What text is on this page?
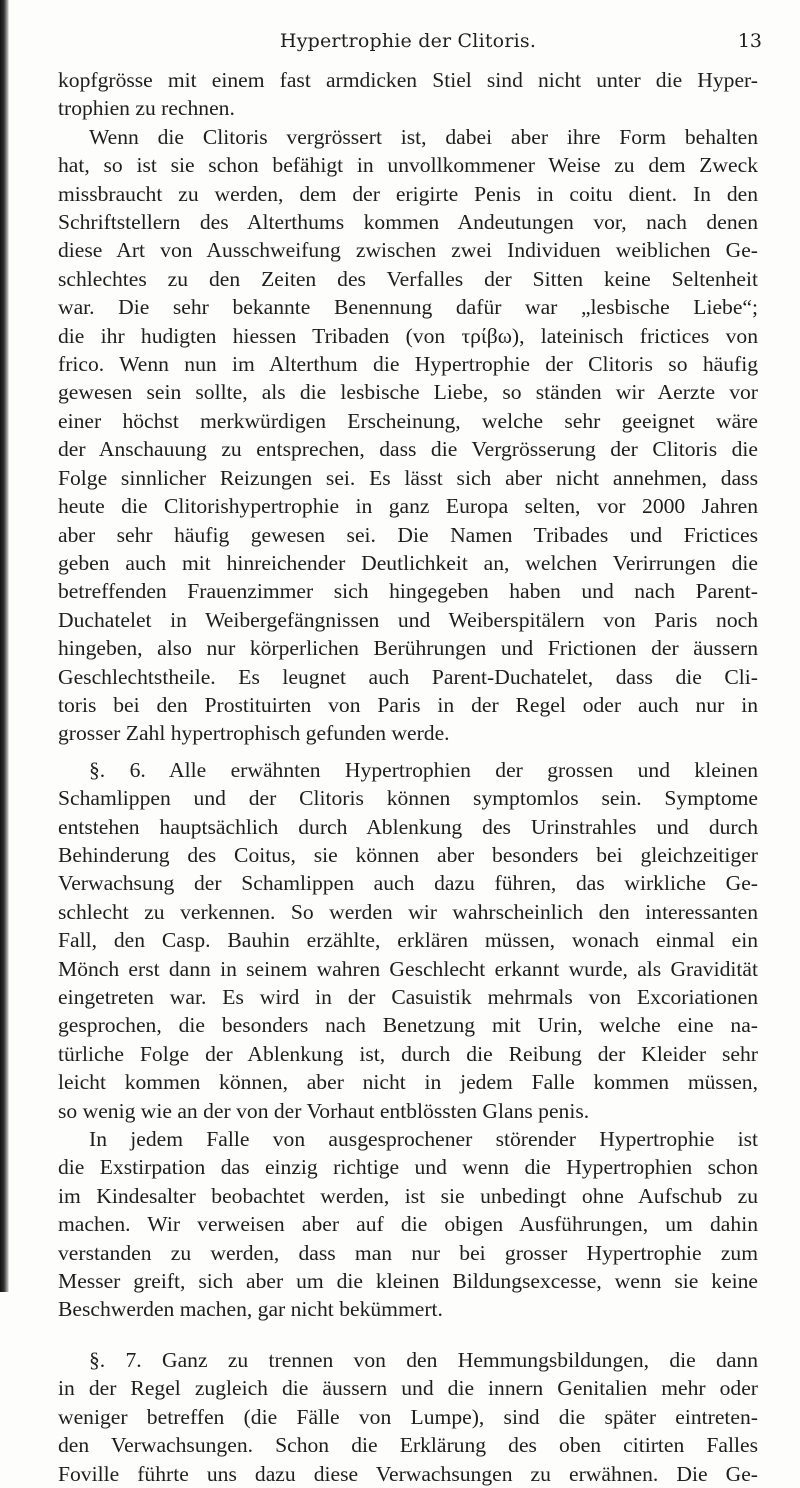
Hypertrophie der Clitoris.	13

kopfgrösse mit einem fast armdicken Stiel sind nicht unter die Hyper-
trophien zu rechnen.

Wenn die Clitoris vergrössert ist, dabei aber ihre Form behalten
hat, so ist sie schon befähigt in unvollkommener Weise zu dem Zweck
missbraucht zu werden, dem der erigirte Penis in coitu dient. In den
Schriftstellern des Alterthums kommen Andeutungen vor, nach denen
diese Art von Ausschweifung zwischen zwei Individuen weiblichen Ge-
schlechtes zu den Zeiten des Verfalles der Sitten keine Seltenheit
war. Die sehr bekannte Benennung dafür war „lesbische Liebe“;
die ihr hudigten hiessen Tribaden (von τρίβω), lateinisch frictices von
frico. Wenn nun im Alterthum die Hypertrophie der Clitoris so häufig
gewesen sein sollte, als die lesbische Liebe, so ständen wir Aerzte vor
einer höchst merkwürdigen Erscheinung, welche sehr geeignet wäre
der Anschauung zu entsprechen, dass die Vergrösserung der Clitoris die
Folge sinnlicher Reizungen sei. Es lässt sich aber nicht annehmen, dass
heute die Clitorishypertrophie in ganz Europa selten, vor 2000 Jahren
aber sehr häufig gewesen sei. Die Namen Tribades und Frictices
geben auch mit hinreichender Deutlichkeit an, welchen Verirrungen die
betreffenden Frauenzimmer sich hingegeben haben und nach Parent-
Duchatelet in Weibergefängnissen und Weiberspitälern von Paris noch
hingeben, also nur körperlichen Berührungen und Frictionen der äussern
Geschlechtstheile. Es leugnet auch Parent-Duchatelet, dass die Cli-
toris bei den Prostituirten von Paris in der Regel oder auch nur in
grosser Zahl hypertrophisch gefunden werde.

§. 6. Alle erwähnten Hypertrophien der grossen und kleinen
Schamlippen und der Clitoris können symptomlos sein. Symptome
entstehen hauptsächlich durch Ablenkung des Urinstrahles und durch
Behinderung des Coitus, sie können aber besonders bei gleichzeitiger
Verwachsung der Schamlippen auch dazu führen, das wirkliche Ge-
schlecht zu verkennen. So werden wir wahrscheinlich den interessanten
Fall, den Casp. Bauhin erzählte, erklären müssen, wonach einmal ein
Mönch erst dann in seinem wahren Geschlecht erkannt wurde, als Gravidität
eingetreten war. Es wird in der Casuistik mehrmals von Excoriationen
gesprochen, die besonders nach Benetzung mit Urin, welche eine na-
türliche Folge der Ablenkung ist, durch die Reibung der Kleider sehr
leicht kommen können, aber nicht in jedem Falle kommen müssen,
so wenig wie an der von der Vorhaut entblössten Glans penis.

In jedem Falle von ausgesprochener störender Hypertrophie ist
die Exstirpation das einzig richtige und wenn die Hypertrophien schon
im Kindesalter beobachtet werden, ist sie unbedingt ohne Aufschub zu
machen. Wir verweisen aber auf die obigen Ausführungen, um dahin
verstanden zu werden, dass man nur bei grosser Hypertrophie zum
Messer greift, sich aber um die kleinen Bildungsexcesse, wenn sie keine
Beschwerden machen, gar nicht bekümmert.

§. 7. Ganz zu trennen von den Hemmungsbildungen, die dann
in der Regel zugleich die äussern und die innern Genitalien mehr oder
weniger betreffen (die Fälle von Lumpe), sind die später eintreten-
den Verwachsungen. Schon die Erklärung des oben citirten Falles
Foville führte uns dazu diese Verwachsungen zu erwähnen. Die Ge-
